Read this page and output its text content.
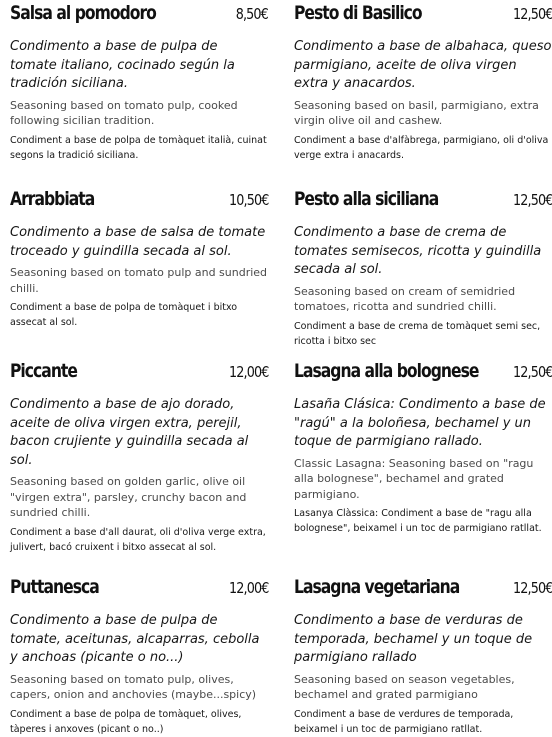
Salsa al pomodoro	8,50€
Condimento a base de pulpa de tomate italiano, cocinado según la tradición siciliana.
Seasoning based on tomato pulp, cooked following sicilian tradition.
Condiment a base de polpa de tomàquet italià, cuinat segons la tradició siciliana.
Arrabbiata	10,50€
Condimento a base de salsa de tomate troceado y guindilla secada al sol.
Seasoning based on tomato pulp and sundried chilli.
Condiment a base de polpa de tomàquet i bitxo assecat al sol.
Piccante	12,00€
Condimento a base de ajo dorado, aceite de oliva virgen extra, perejil, bacon crujiente y guindilla secada al sol.
Seasoning based on golden garlic, olive oil "virgen extra", parsley, crunchy bacon and sundried chilli.
Condiment a base d'all daurat, oli d'oliva verge extra, julivert, bacó cruixent i bitxo assecat al sol.
Puttanesca	12,00€
Condimento a base de pulpa de tomate, aceitunas, alcaparras, cebolla y anchoas (picante o no...)
Seasoning based on tomato pulp, olives, capers, onion and anchovies (maybe...spicy)
Condiment a base de polpa de tomàquet, olives, tàperes i anxoves (picant o no..)
Pesto di Basilico	12,50€
Condimento a base de albahaca, queso parmigiano, aceite de oliva virgen extra y anacardos.
Seasoning based on basil, parmigiano, extra virgin olive oil and cashew.
Condiment a base d'alfàbrega, parmigiano, oli d'oliva verge extra i anacards.
Pesto alla siciliana	12,50€
Condimento a base de crema de tomates semisecos, ricotta y guindilla secada al sol.
Seasoning based on cream of semidried tomatoes, ricotta and sundried chilli.
Condiment a base de crema de tomàquet semi sec, ricotta i bitxo sec
Lasagna alla bolognese 12,50€
Lasaña Clásica: Condimento a base de "ragú" a la boloñesa, bechamel y un toque de parmigiano rallado.
Classic Lasagna: Seasoning based on "ragu alla bolognese", bechamel and grated parmigiano.
Lasanya Clàssica: Condiment a base de "ragu alla bolognese", beixamel i un toc de parmigiano ratllat.
Lasagna vegetariana	12,50€
Condimento a base de verduras de temporada, bechamel y un toque de parmigiano rallado
Seasoning based on season vegetables, bechamel and grated parmigiano
Condiment a base de verdures de temporada, beixamel i un toc de parmigiano ratllat.
